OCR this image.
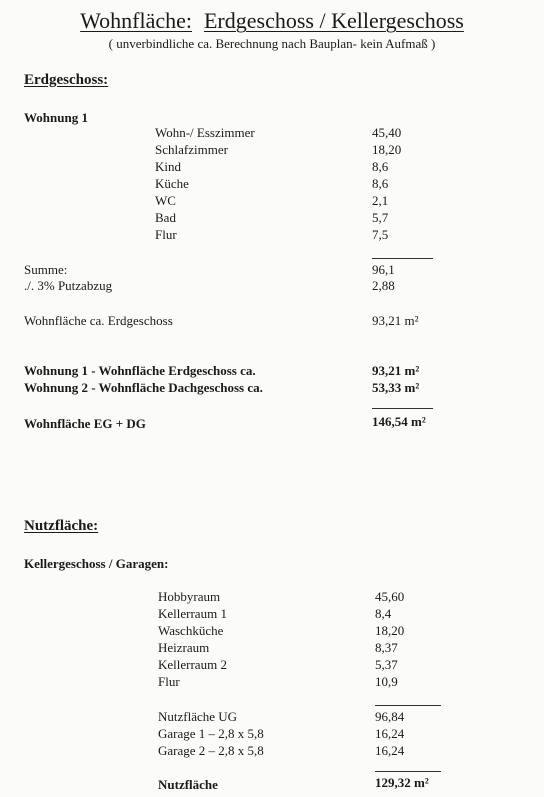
Wohnfläche: Erdgeschoss / Kellergeschoss
( unverbindliche ca. Berechnung nach Bauplan- kein Aufmaß )
Erdgeschoss:
Wohnung 1
Wohn-/ Esszimmer	45,40
Schlafzimmer	18,20
Kind	8,6
Küche	8,6
WC	2,1
Bad	5,7
Flur	7,5
Summe:	96,1
./. 3% Putzabzug	2,88
Wohnfläche ca. Erdgeschoss	93,21 m²
Wohnung 1 - Wohnfläche Erdgeschoss ca.	93,21 m²
Wohnung 2 - Wohnfläche Dachgeschoss ca.	53,33 m²
Wohnfläche EG + DG	146,54 m²
Nutzfläche:
Kellergeschoss / Garagen:
Hobbyraum	45,60
Kellerraum 1	8,4
Waschküche	18,20
Heizraum	8,37
Kellerraum 2	5,37
Flur	10,9
Nutzfläche UG	96,84
Garage 1 – 2,8 x 5,8	16,24
Garage 2 – 2,8 x 5,8	16,24
Nutzfläche	129,32 m²
